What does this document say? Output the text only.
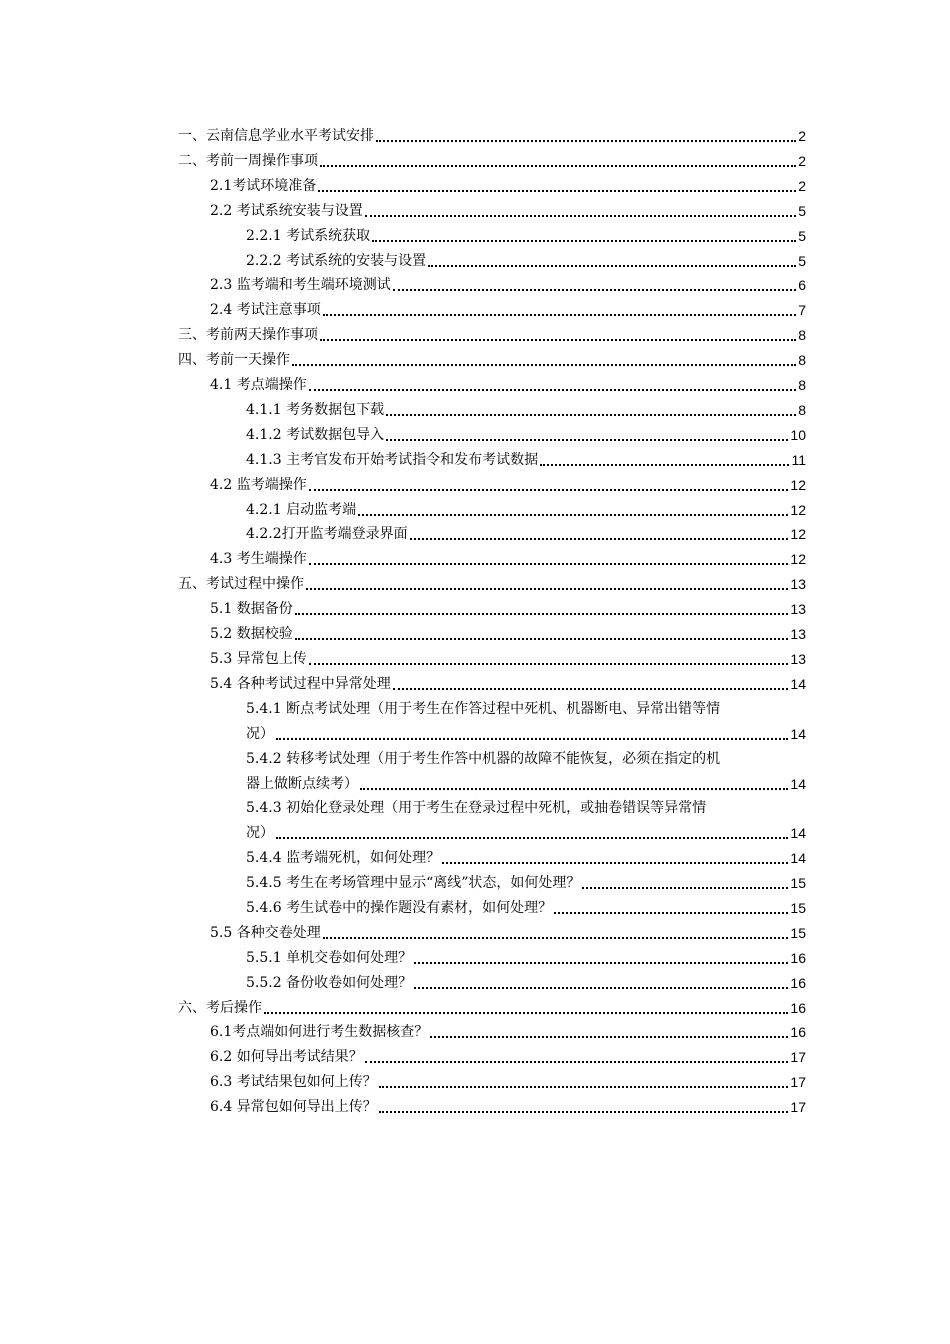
一、云南信息学业水平考试安排	2
二、考前一周操作事项	2
2.1考试环境准备	2
2.2 考试系统安装与设置	5
2.2.1 考试系统获取	5
2.2.2 考试系统的安装与设置	5
2.3 监考端和考生端环境测试	6
2.4 考试注意事项	7
三、考前两天操作事项	8
四、考前一天操作	8
4.1 考点端操作	8
4.1.1 考务数据包下载	8
4.1.2 考试数据包导入	10
4.1.3 主考官发布开始考试指令和发布考试数据	11
4.2 监考端操作	12
4.2.1 启动监考端	12
4.2.2打开监考端登录界面	12
4.3 考生端操作	12
五、考试过程中操作	13
5.1 数据备份	13
5.2 数据校验	13
5.3 异常包上传	13
5.4 各种考试过程中异常处理	14
5.4.1 断点考试处理（用于考生在作答过程中死机、机器断电、异常出错等情
况）	14
5.4.2 转移考试处理（用于考生作答中机器的故障不能恢复，必须在指定的机
器上做断点续考）	14
5.4.3 初始化登录处理（用于考生在登录过程中死机，或抽卷错误等异常情
况）	14
5.4.4 监考端死机，如何处理？	14
5.4.5 考生在考场管理中显示“离线”状态，如何处理？	15
5.4.6 考生试卷中的操作题没有素材，如何处理？	15
5.5 各种交卷处理	15
5.5.1 单机交卷如何处理？	16
5.5.2 备份收卷如何处理？	16
六、考后操作	16
6.1考点端如何进行考生数据核查？	16
6.2 如何导出考试结果？	17
6.3 考试结果包如何上传？	17
6.4 异常包如何导出上传？	17
